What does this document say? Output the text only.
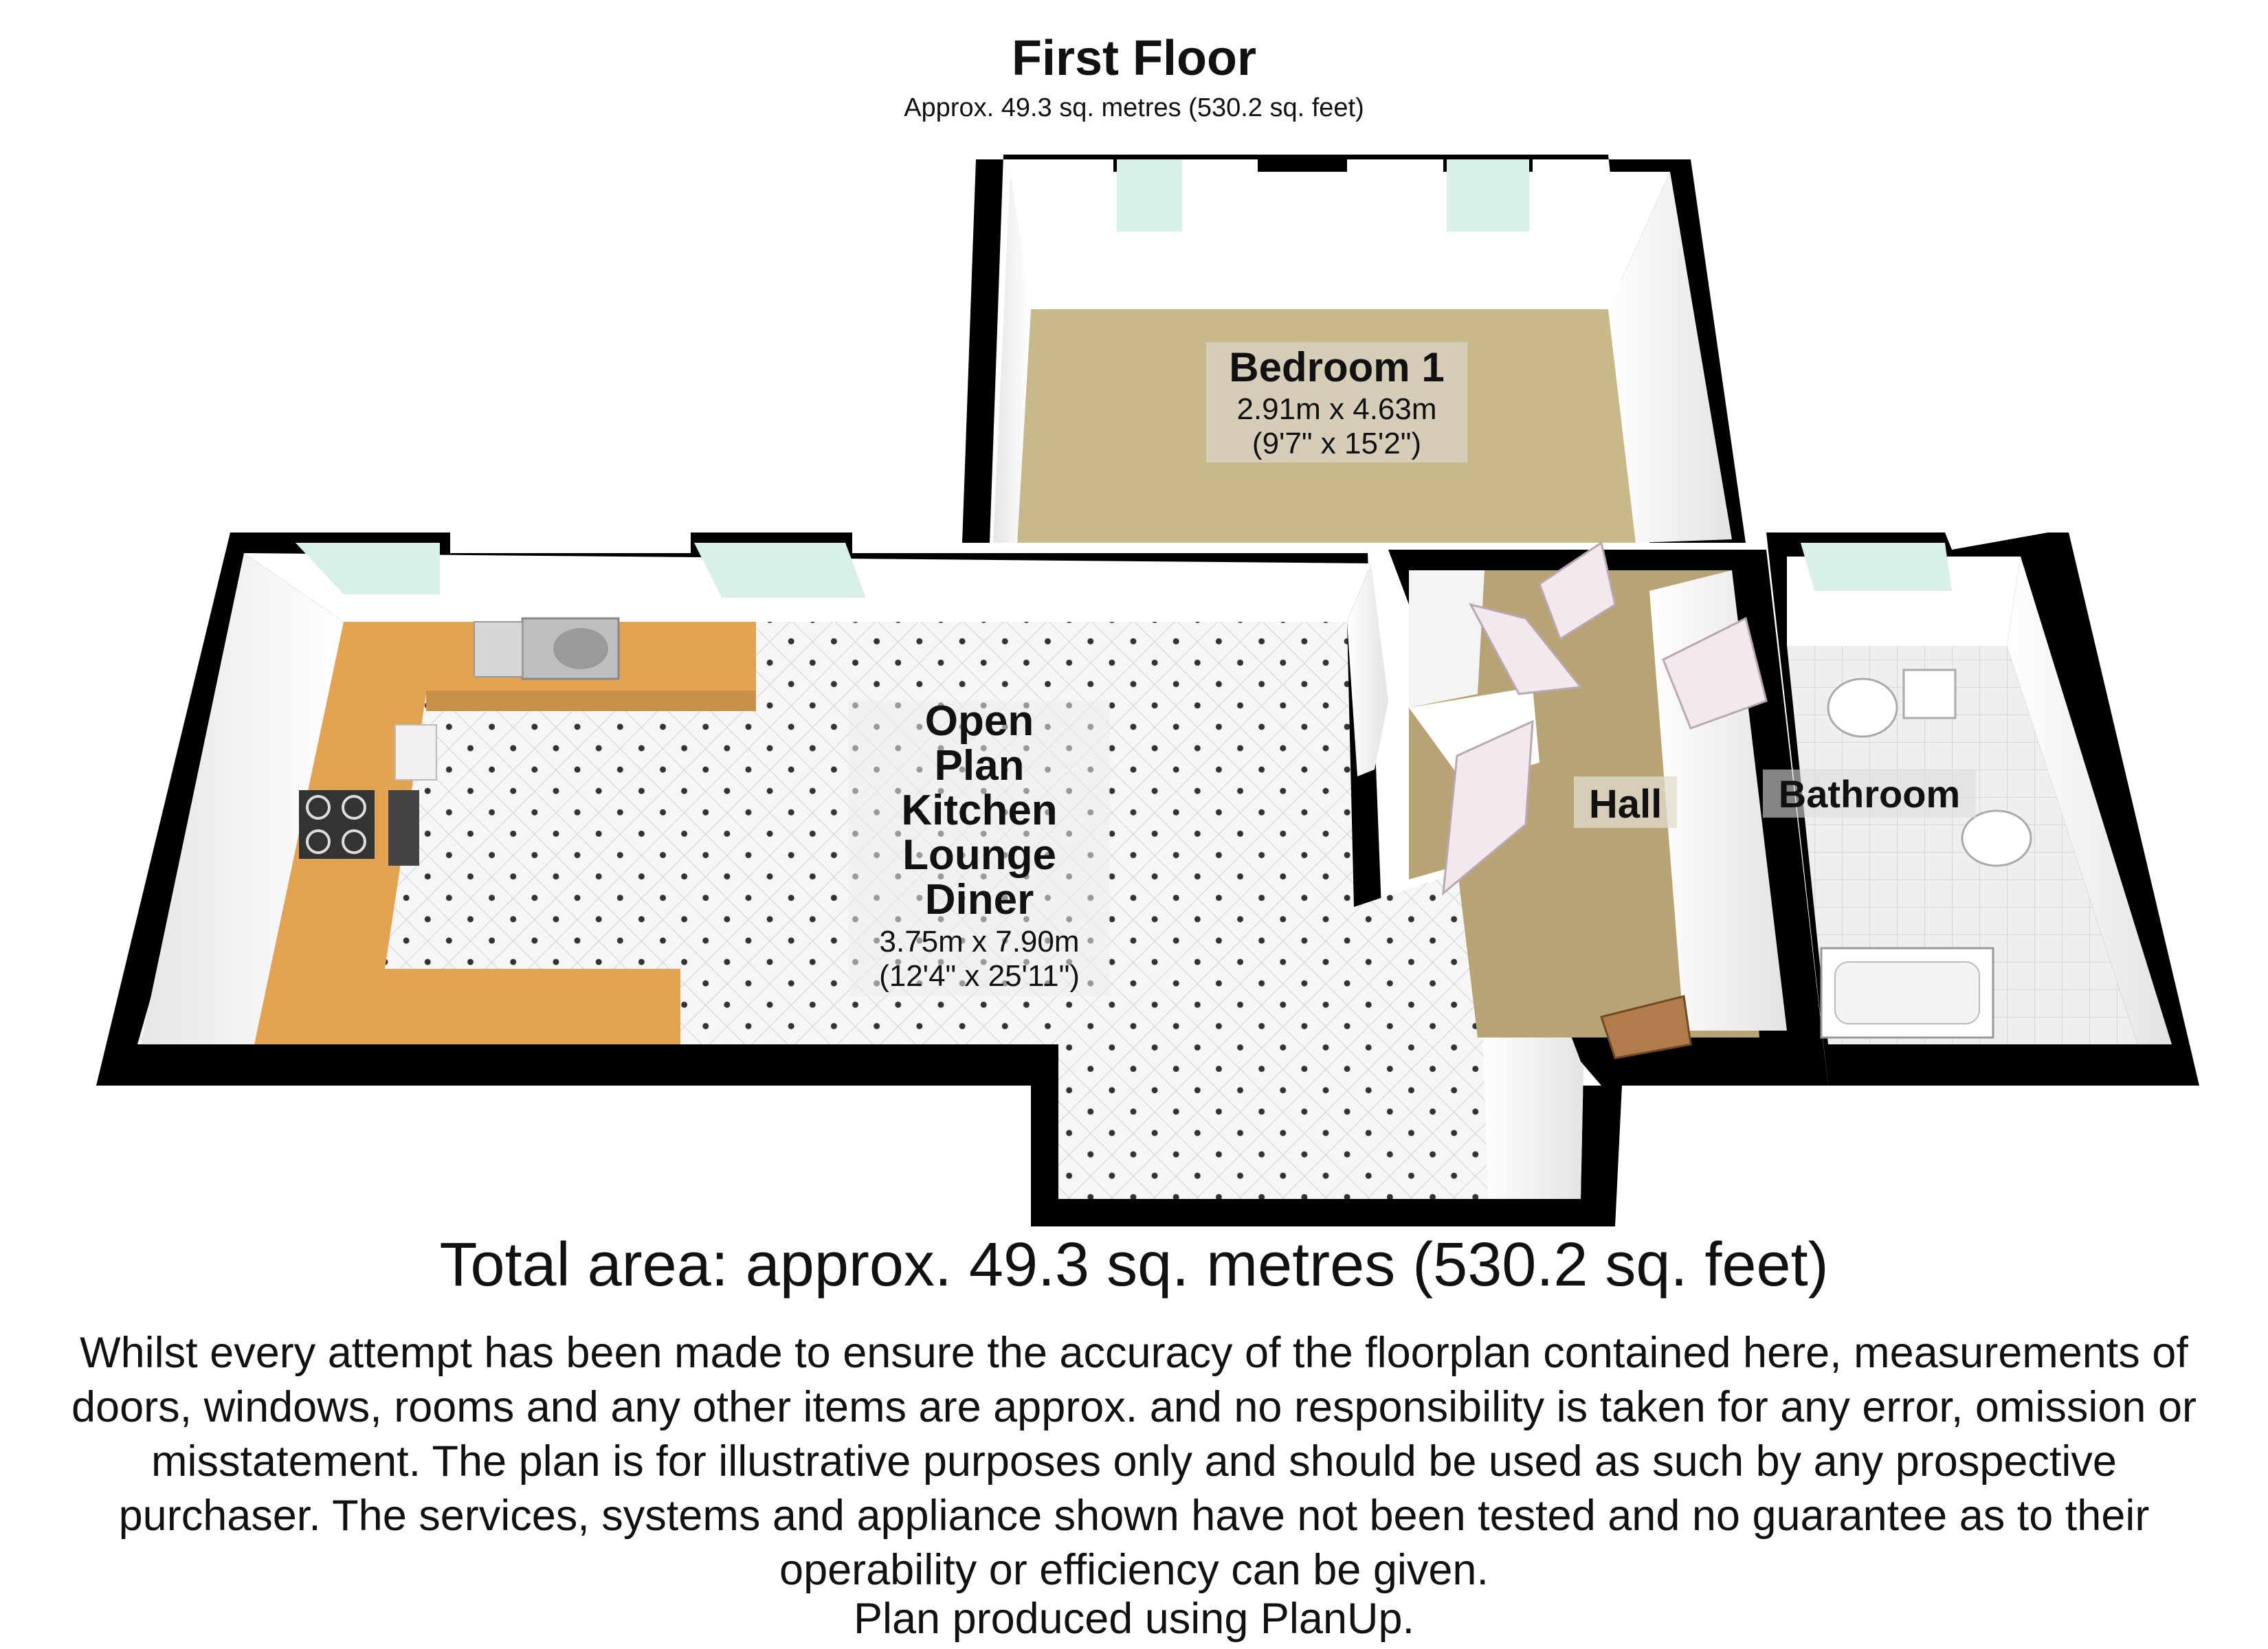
First Floor
Approx. 49.3 sq. metres (530.2 sq. feet)
Bedroom 1
2.91m x 4.63m
(9'7" x 15'2")
Open
Plan
Kitchen
Lounge
Diner
3.75m x 7.90m
(12'4" x 25'11")
Hall	Bathroom
Total area: approx. 49.3 sq. metres (530.2 sq. feet)
Whilst every attempt has been made to ensure the accuracy of the floorplan contained here, measurements of doors, windows, rooms and any other items are approx. and no responsibility is taken for any error, omission or misstatement. The plan is for illustrative purposes only and should be used as such by any prospective purchaser. The services, systems and appliance shown have not been tested and no guarantee as to their operability or efficiency can be given.
Plan produced using PlanUp.
